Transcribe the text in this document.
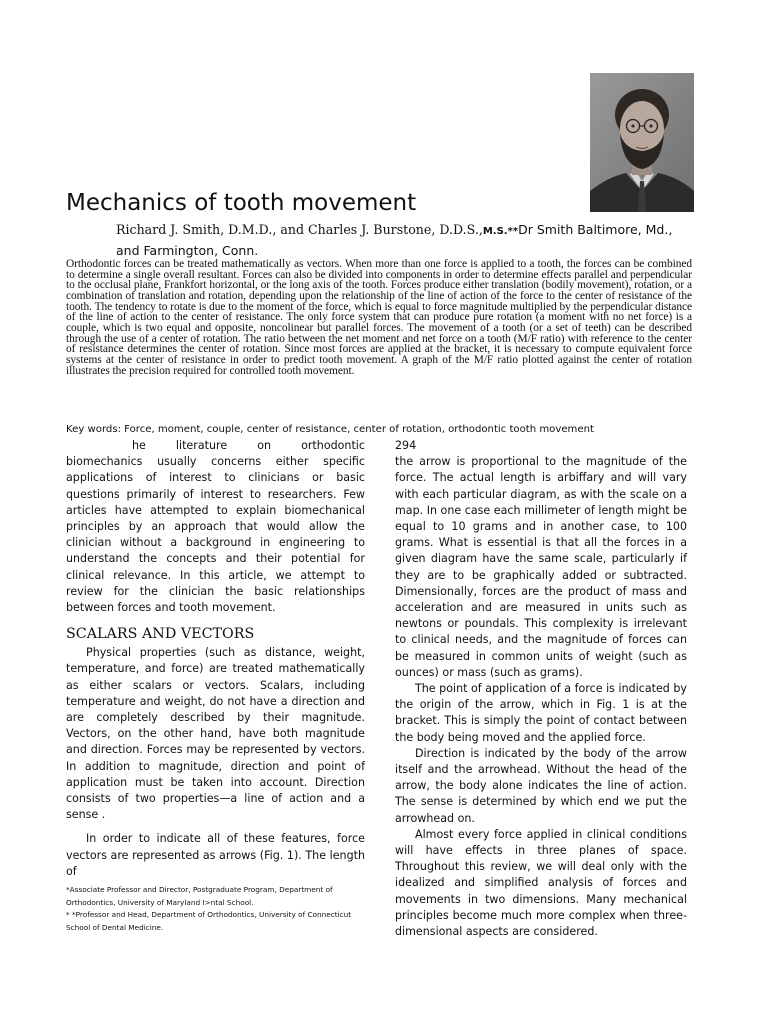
Mechanics of tooth movement
Richard J. Smith, D.M.D., and Charles J. Burstone, D.D.S.,M.S.**Dr Smith Baltimore, Md., and Farmington, Conn.

Orthodontic forces can be treated mathematically as vectors. When more than one force is applied to a tooth, the forces can be combined to determine a single overall resultant. Forces can also be divided into components in order to determine effects parallel and perpendicular to the occlusal plane, Frankfort horizontal, or the long axis of the tooth. Forces produce either translation (bodily movement), rotation, or a combination of translation and rotation, depending upon the relationship of the line of action of the force to the center of resistance of the tooth. The tendency to rotate is due to the moment of the force, which is equal to force magnitude multiplied by the perpendicular distance of the line of action to the center of resistance. The only force system that can produce pure rotation (a moment with no net force) is a couple, which is two equal and opposite, noncolinear but parallel forces. The movement of a tooth (or a set of teeth) can be described through the use of a center of rotation. The ratio between the net moment and net force on a tooth (M/F ratio) with reference to the center of resistance determines the center of rotation. Since most forces are applied at the bracket, it is necessary to compute equivalent force systems at the center of resistance in order to predict tooth movement. A graph of the M/F ratio plotted against the center of rotation illustrates the precision required for controlled tooth movement.

Key words: Force, moment, couple, center of resistance, center of rotation, orthodontic tooth movement

he literature on orthodontic biomechanics usually concerns either specific applications of interest to clinicians or basic questions primarily of interest to researchers. Few articles have attempted to explain biomechanical principles by an approach that would allow the clinician without a background in engineering to understand the concepts and their potential for clinical relevance. In this article, we attempt to review for the clinician the basic relationships between forces and tooth movement.

SCALARS AND VECTORS

Physical properties (such as distance, weight, temperature, and force) are treated mathematically as either scalars or vectors. Scalars, including temperature and weight, do not have a direction and are completely described by their magnitude. Vectors, on the other hand, have both magnitude and direction. Forces may be represented by vectors. In addition to magnitude, direction and point of application must be taken into account. Direction consists of two properties—a line of action and a sense .

In order to indicate all of these features, force vectors are represented as arrows (Fig. 1). The length of

294

the arrow is proportional to the magnitude of the force. The actual length is arbiffary and will vary with each particular diagram, as with the scale on a map. In one case each millimeter of length might be equal to 10 grams and in another case, to 100 grams. What is essential is that all the forces in a given diagram have the same scale, particularly if they are to be graphically added or subtracted. Dimensionally, forces are the product of mass and acceleration and are measured in units such as newtons or poundals. This complexity is irrelevant to clinical needs, and the magnitude of forces can be measured in common units of weight (such as ounces) or mass (such as grams).

The point of application of a force is indicated by the origin of the arrow, which in Fig. 1 is at the bracket. This is simply the point of contact between the body being moved and the applied force.

Direction is indicated by the body of the arrow itself and the arrowhead. Without the head of the arrow, the body alone indicates the line of action. The sense is determined by which end we put the arrowhead on.

Almost every force applied in clinical conditions will have effects in three planes of space. Throughout this review, we will deal only with the idealized and simplified analysis of forces and movements in two dimensions. Many mechanical principles become much more complex when three-dimensional aspects are considered.

*Associate Professor and Director, Postgraduate Program, Department of Orthodontics, University of Maryland I>ntal School.

* *Professor and Head, Department of Orthodontics, University of Connecticut School of Dental Medicine.
